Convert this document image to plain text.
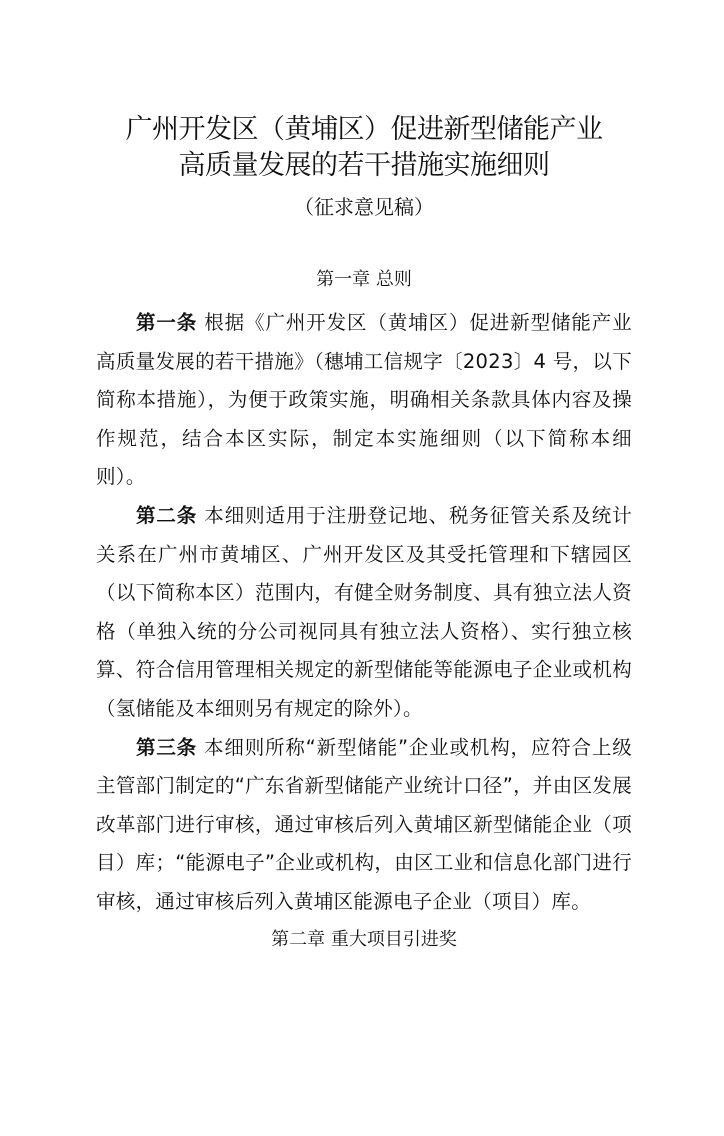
广州开发区（黄埔区）促进新型储能产业
高质量发展的若干措施实施细则
（征求意见稿）
第一章 总则

第一条 根据《广州开发区（黄埔区）促进新型储能产业高质量发展的若干措施》（穗埔工信规字〔2023〕4 号，以下简称本措施），为便于政策实施，明确相关条款具体内容及操作规范，结合本区实际，制定本实施细则（以下简称本细则）。

第二条 本细则适用于注册登记地、税务征管关系及统计关系在广州市黄埔区、广州开发区及其受托管理和下辖园区（以下简称本区）范围内，有健全财务制度、具有独立法人资格（单独入统的分公司视同具有独立法人资格）、实行独立核算、符合信用管理相关规定的新型储能等能源电子企业或机构（氢储能及本细则另有规定的除外）。

第三条 本细则所称“新型储能”企业或机构，应符合上级主管部门制定的“广东省新型储能产业统计口径”，并由区发展改革部门进行审核，通过审核后列入黄埔区新型储能企业（项目）库；“能源电子”企业或机构，由区工业和信息化部门进行审核，通过审核后列入黄埔区能源电子企业（项目）库。

第二章 重大项目引进奖
